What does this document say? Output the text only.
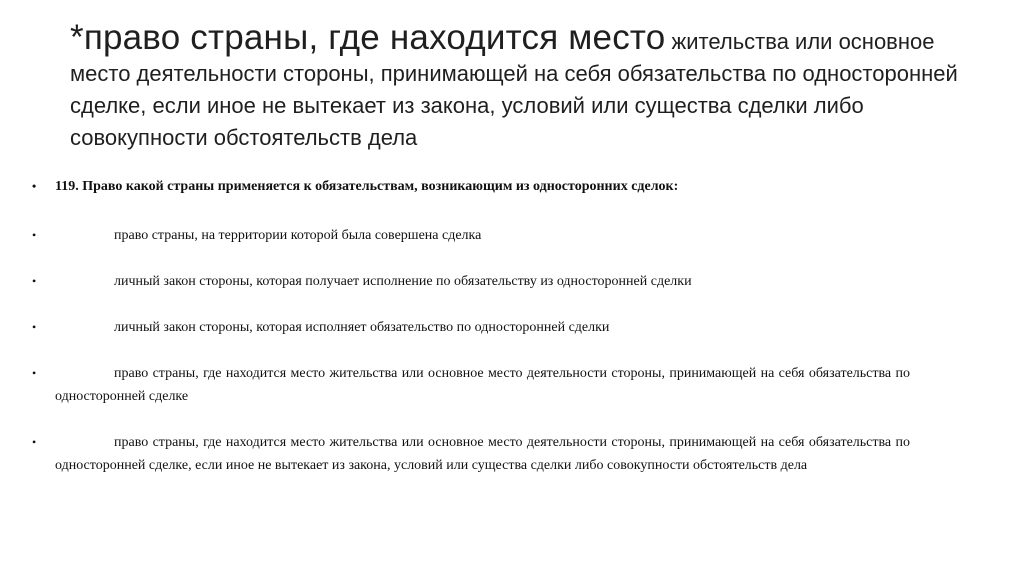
*право страны, где находится место жительства или основное место деятельности стороны, принимающей на себя обязательства по односторонней сделке, если иное не вытекает из закона, условий или существа сделки либо совокупности обстоятельств дела
• 119. Право какой страны применяется к обязательствам, возникающим из односторонних сделок:
•	право страны, на территории которой была совершена сделка
•	личный закон стороны, которая получает исполнение по обязательству из односторонней сделки
•	личный закон стороны, которая исполняет обязательство по односторонней сделки
•	право страны, где находится место жительства или основное место деятельности стороны, принимающей на себя обязательства по односторонней сделке
•	право страны, где находится место жительства или основное место деятельности стороны, принимающей на себя обязательства по односторонней сделке, если иное не вытекает из закона, условий или существа сделки либо совокупности обстоятельств дела
